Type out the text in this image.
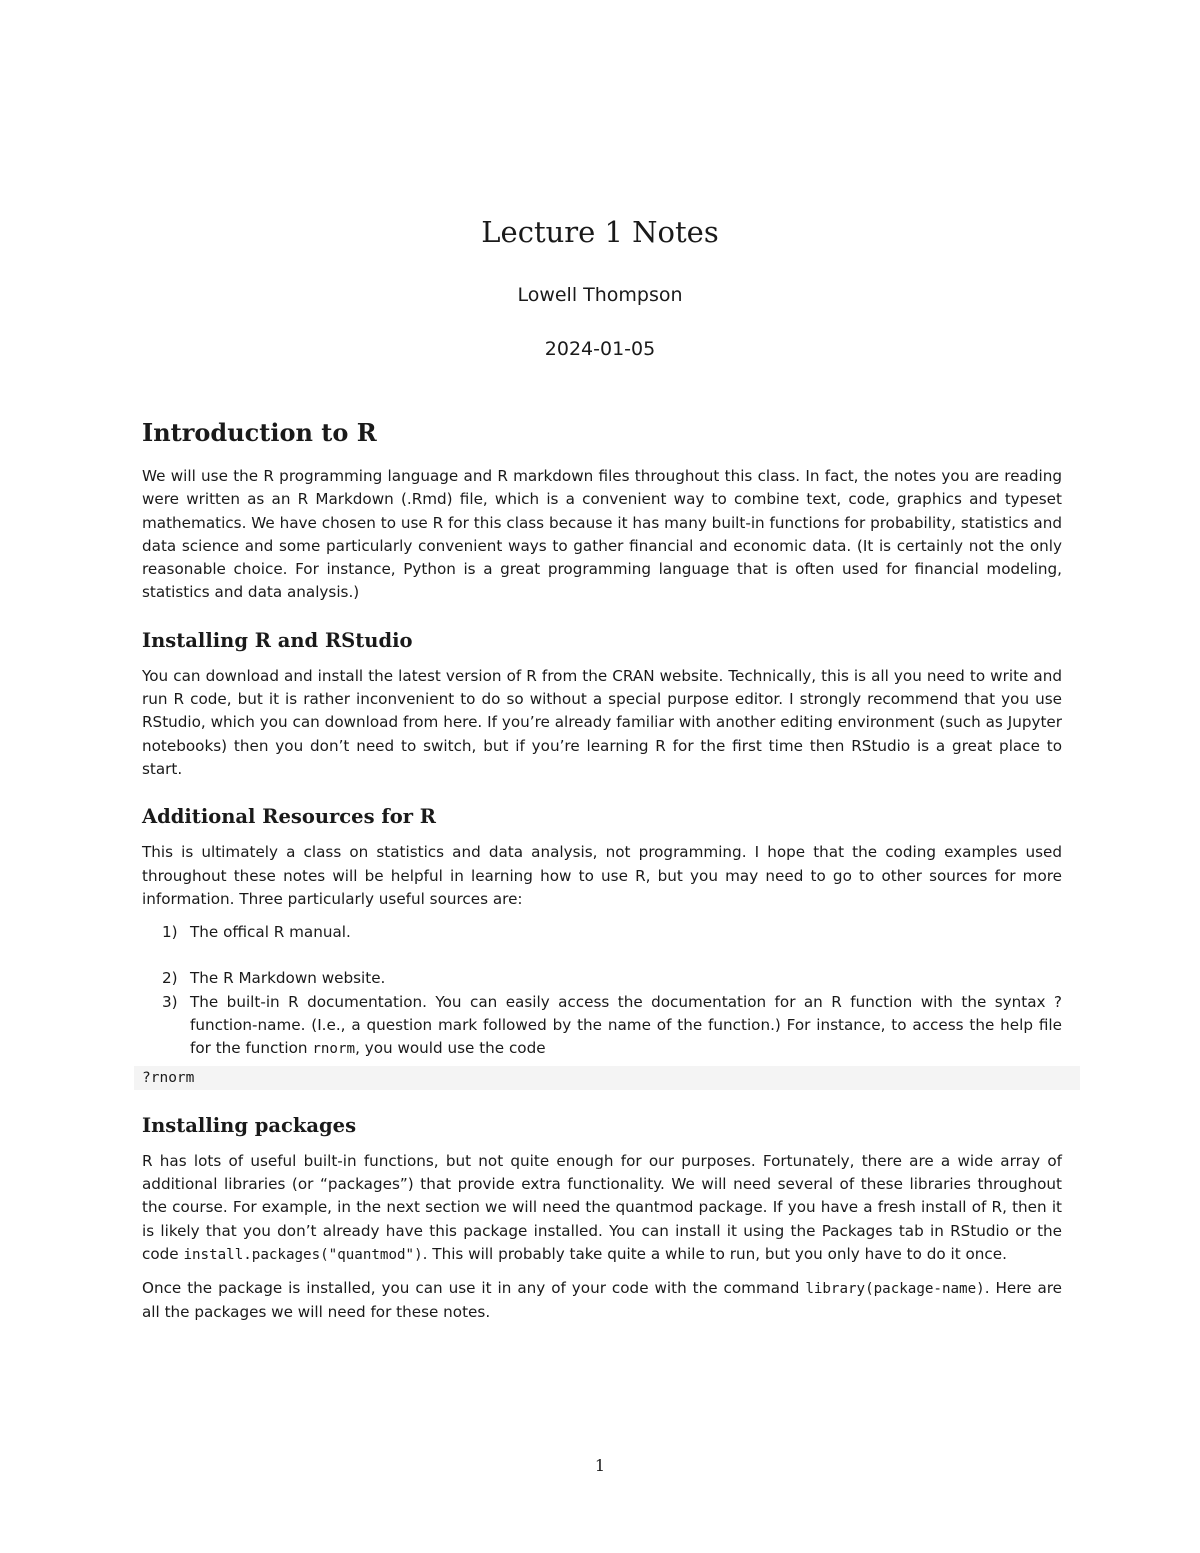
Lecture 1 Notes
Lowell Thompson
2024-01-05
Introduction to R

We will use the R programming language and R markdown files throughout this class. In fact, the notes you are reading were written as an R Markdown (.Rmd) file, which is a convenient way to combine text, code, graphics and typeset mathematics. We have chosen to use R for this class because it has many built-in functions for probability, statistics and data science and some particularly convenient ways to gather financial and economic data. (It is certainly not the only reasonable choice. For instance, Python is a great programming language that is often used for financial modeling, statistics and data analysis.)

Installing R and RStudio

You can download and install the latest version of R from the CRAN website. Technically, this is all you need to write and run R code, but it is rather inconvenient to do so without a special purpose editor. I strongly recommend that you use RStudio, which you can download from here. If you’re already familiar with another editing environment (such as Jupyter notebooks) then you don’t need to switch, but if you’re learning R for the first time then RStudio is a great place to start.

Additional Resources for R

This is ultimately a class on statistics and data analysis, not programming. I hope that the coding examples used throughout these notes will be helpful in learning how to use R, but you may need to go to other sources for more information. Three particularly useful sources are:

1) The offical R manual.
2) The R Markdown website.
3) The built-in R documentation. You can easily access the documentation for an R function with the syntax ?function-name. (I.e., a question mark followed by the name of the function.) For instance, to access the help file for the function rnorm, you would use the code
?rnorm
Installing packages

R has lots of useful built-in functions, but not quite enough for our purposes. Fortunately, there are a wide array of additional libraries (or “packages”) that provide extra functionality. We will need several of these libraries throughout the course. For example, in the next section we will need the quantmod package. If you have a fresh install of R, then it is likely that you don’t already have this package installed. You can install it using the Packages tab in RStudio or the code install.packages("quantmod"). This will probably take quite a while to run, but you only have to do it once.

Once the package is installed, you can use it in any of your code with the command library(package-name). Here are all the packages we will need for these notes.

1
